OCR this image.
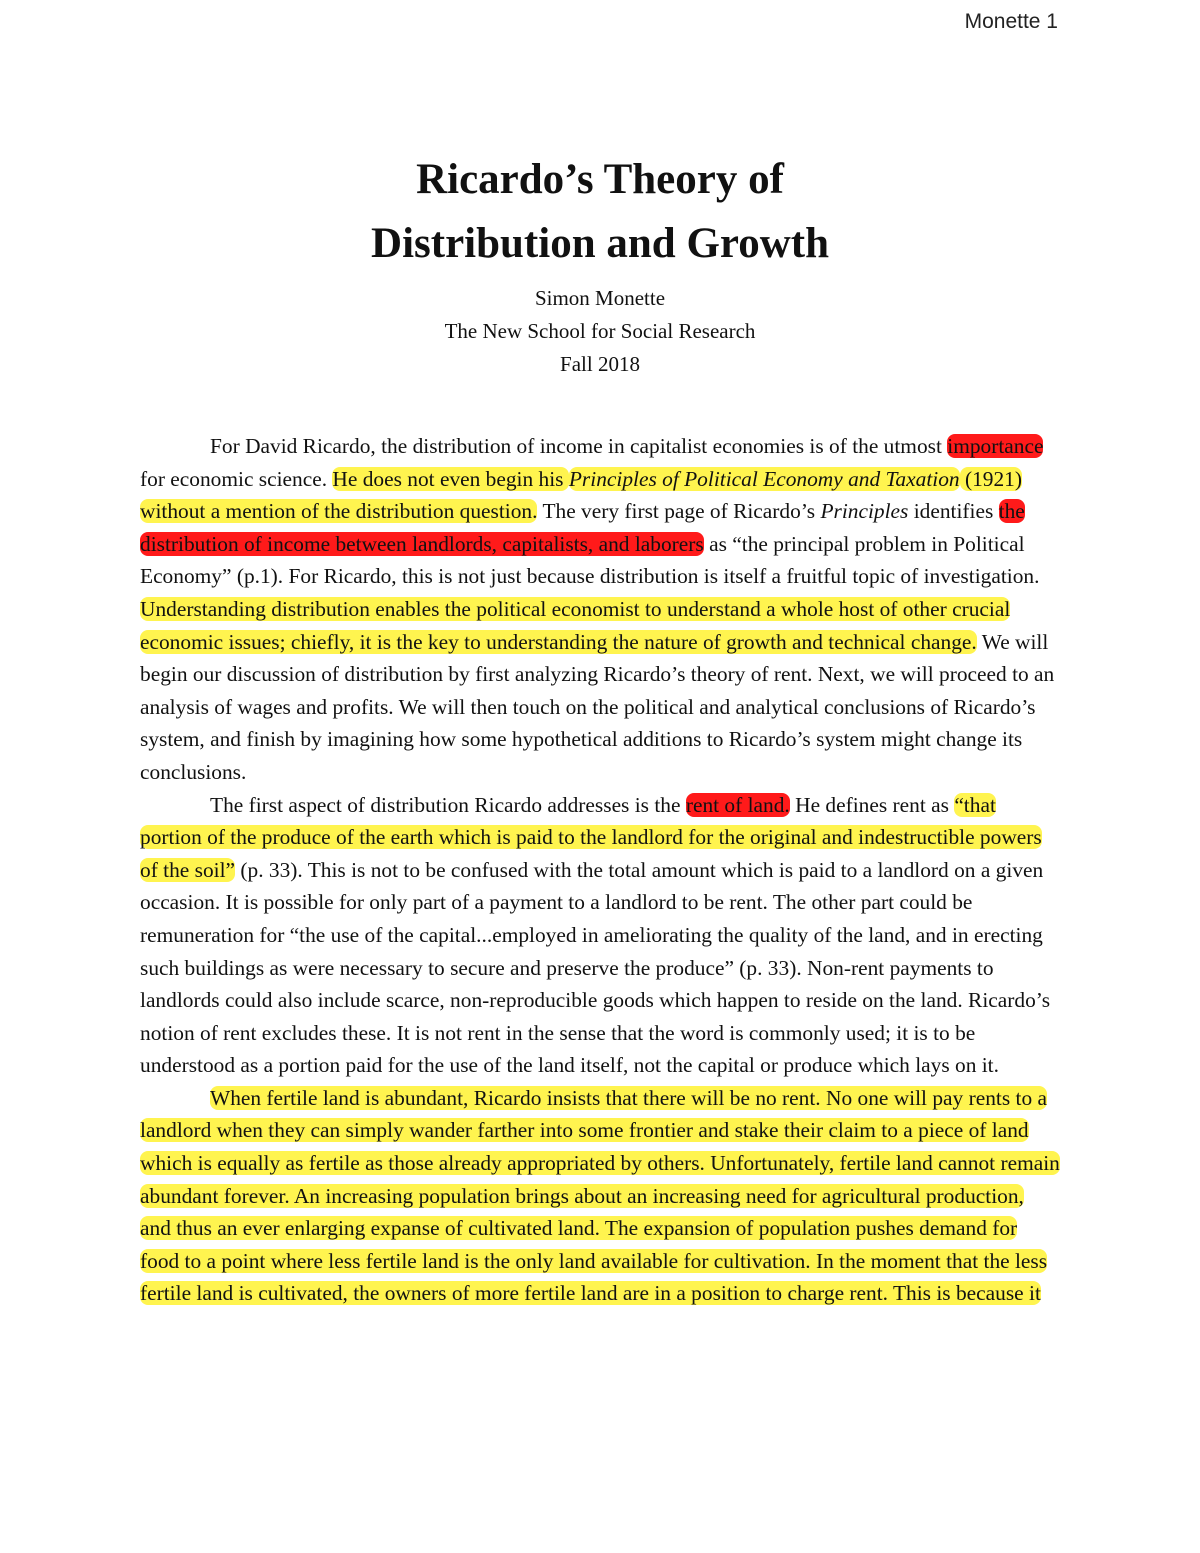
Monette 1
Ricardo’s Theory of
Distribution and Growth
Simon Monette
The New School for Social Research
Fall 2018

For David Ricardo, the distribution of income in capitalist economies is of the utmost importance for economic science. He does not even begin his Principles of Political Economy and Taxation (1921) without a mention of the distribution question. The very first page of Ricardo’s Principles identifies the distribution of income between landlords, capitalists, and laborers as “the principal problem in Political Economy” (p.1). For Ricardo, this is not just because distribution is itself a fruitful topic of investigation. Understanding distribution enables the political economist to understand a whole host of other crucial economic issues; chiefly, it is the key to understanding the nature of growth and technical change. We will begin our discussion of distribution by first analyzing Ricardo’s theory of rent. Next, we will proceed to an analysis of wages and profits. We will then touch on the political and analytical conclusions of Ricardo’s system, and finish by imagining how some hypothetical additions to Ricardo’s system might change its conclusions.

The first aspect of distribution Ricardo addresses is the rent of land. He defines rent as “that portion of the produce of the earth which is paid to the landlord for the original and indestructible powers of the soil” (p. 33). This is not to be confused with the total amount which is paid to a landlord on a given occasion. It is possible for only part of a payment to a landlord to be rent. The other part could be remuneration for “the use of the capital...employed in ameliorating the quality of the land, and in erecting such buildings as were necessary to secure and preserve the produce” (p. 33). Non-rent payments to landlords could also include scarce, non-reproducible goods which happen to reside on the land. Ricardo’s notion of rent excludes these. It is not rent in the sense that the word is commonly used; it is to be understood as a portion paid for the use of the land itself, not the capital or produce which lays on it.

When fertile land is abundant, Ricardo insists that there will be no rent. No one will pay rents to a landlord when they can simply wander farther into some frontier and stake their claim to a piece of land which is equally as fertile as those already appropriated by others. Unfortunately, fertile land cannot remain abundant forever. An increasing population brings about an increasing need for agricultural production, and thus an ever enlarging expanse of cultivated land. The expansion of population pushes demand for food to a point where less fertile land is the only land available for cultivation. In the moment that the less fertile land is cultivated, the owners of more fertile land are in a position to charge rent. This is because it
